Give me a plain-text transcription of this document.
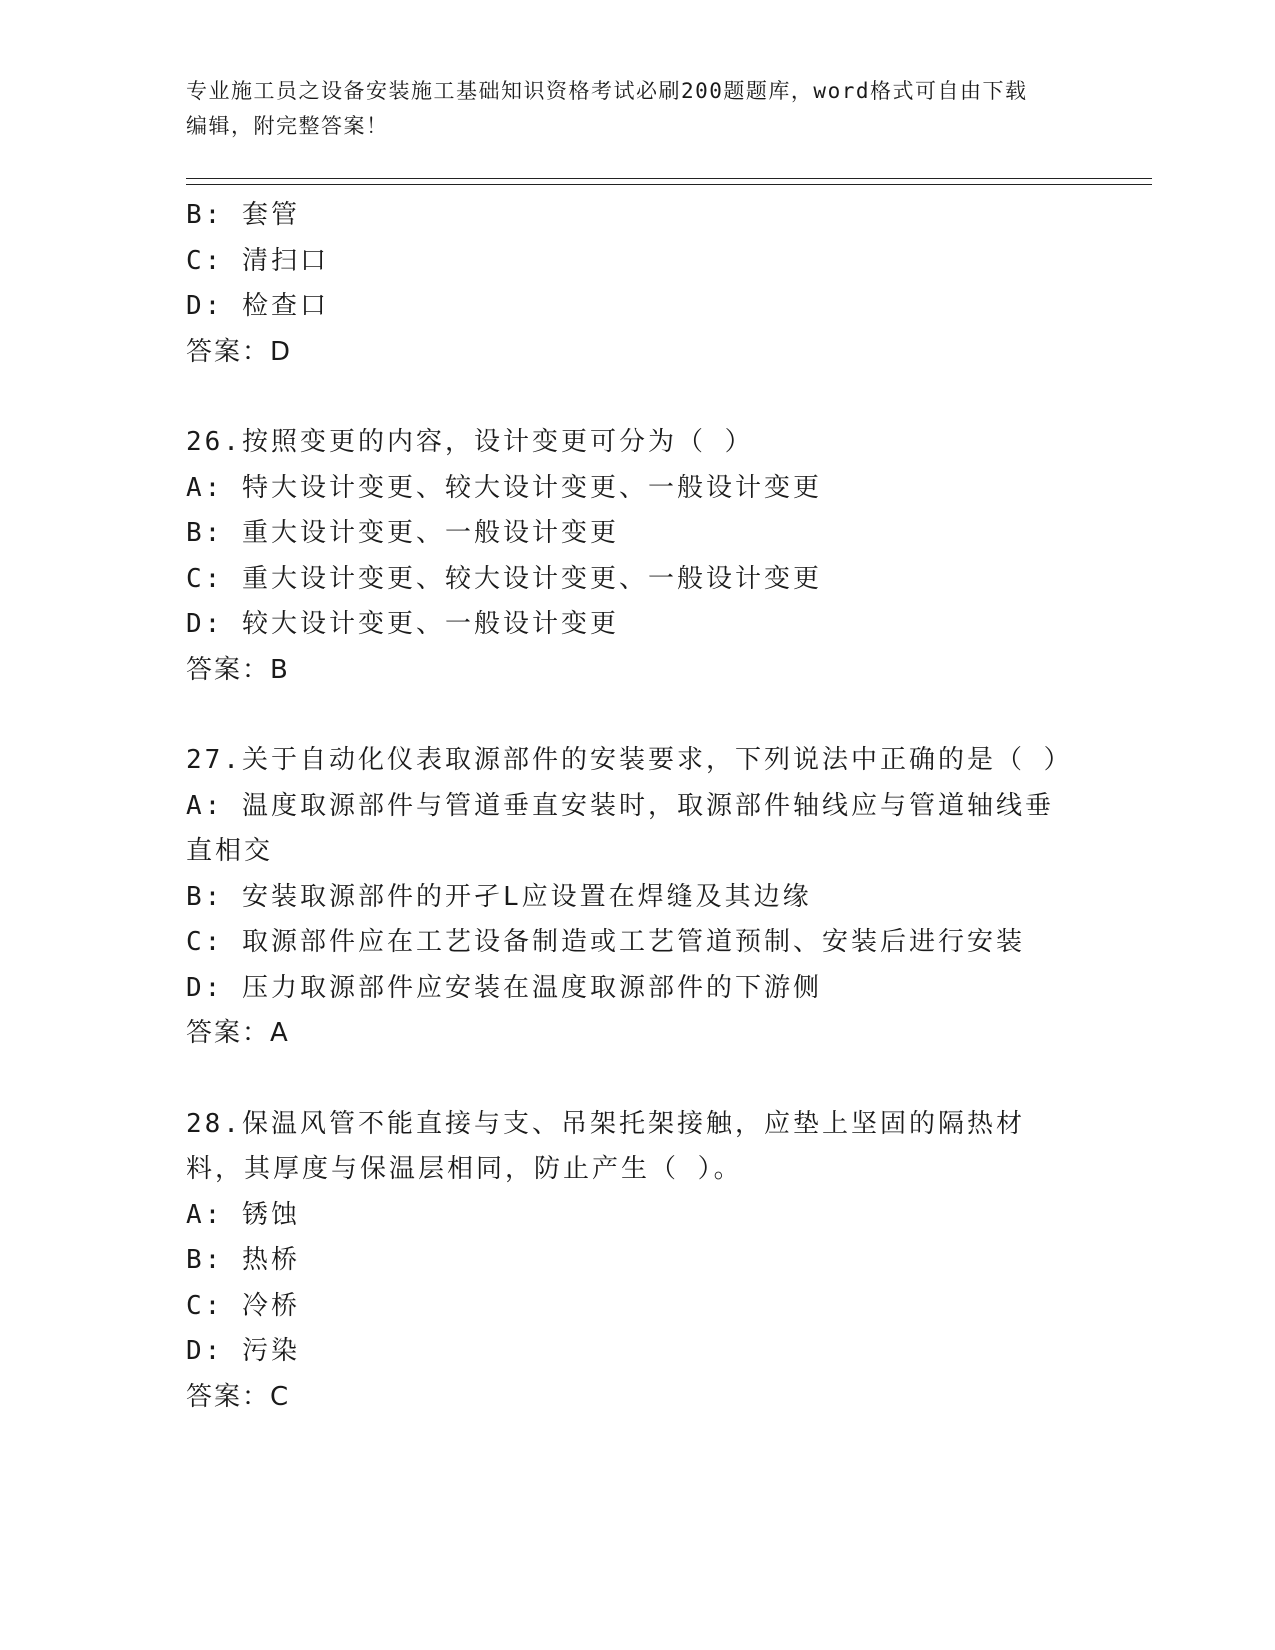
专业施工员之设备安装施工基础知识资格考试必刷200题题库，word格式可自由下载编辑，附完整答案！
B: 套管
C: 清扫口
D: 检查口
答案：D
26.按照变更的内容，设计变更可分为（ ）
A: 特大设计变更、较大设计变更、一般设计变更
B: 重大设计变更、一般设计变更
C: 重大设计变更、较大设计变更、一般设计变更
D: 较大设计变更、一般设计变更
答案：B
27.关于自动化仪表取源部件的安装要求，下列说法中正确的是（ ）
A: 温度取源部件与管道垂直安装时，取源部件轴线应与管道轴线垂直相交
B: 安装取源部件的开孑L应设置在焊缝及其边缘
C: 取源部件应在工艺设备制造或工艺管道预制、安装后进行安装
D: 压力取源部件应安装在温度取源部件的下游侧
答案：A
28.保温风管不能直接与支、吊架托架接触，应垫上坚固的隔热材料，其厚度与保温层相同，防止产生（ ）。
A: 锈蚀
B: 热桥
C: 冷桥
D: 污染
答案：C
